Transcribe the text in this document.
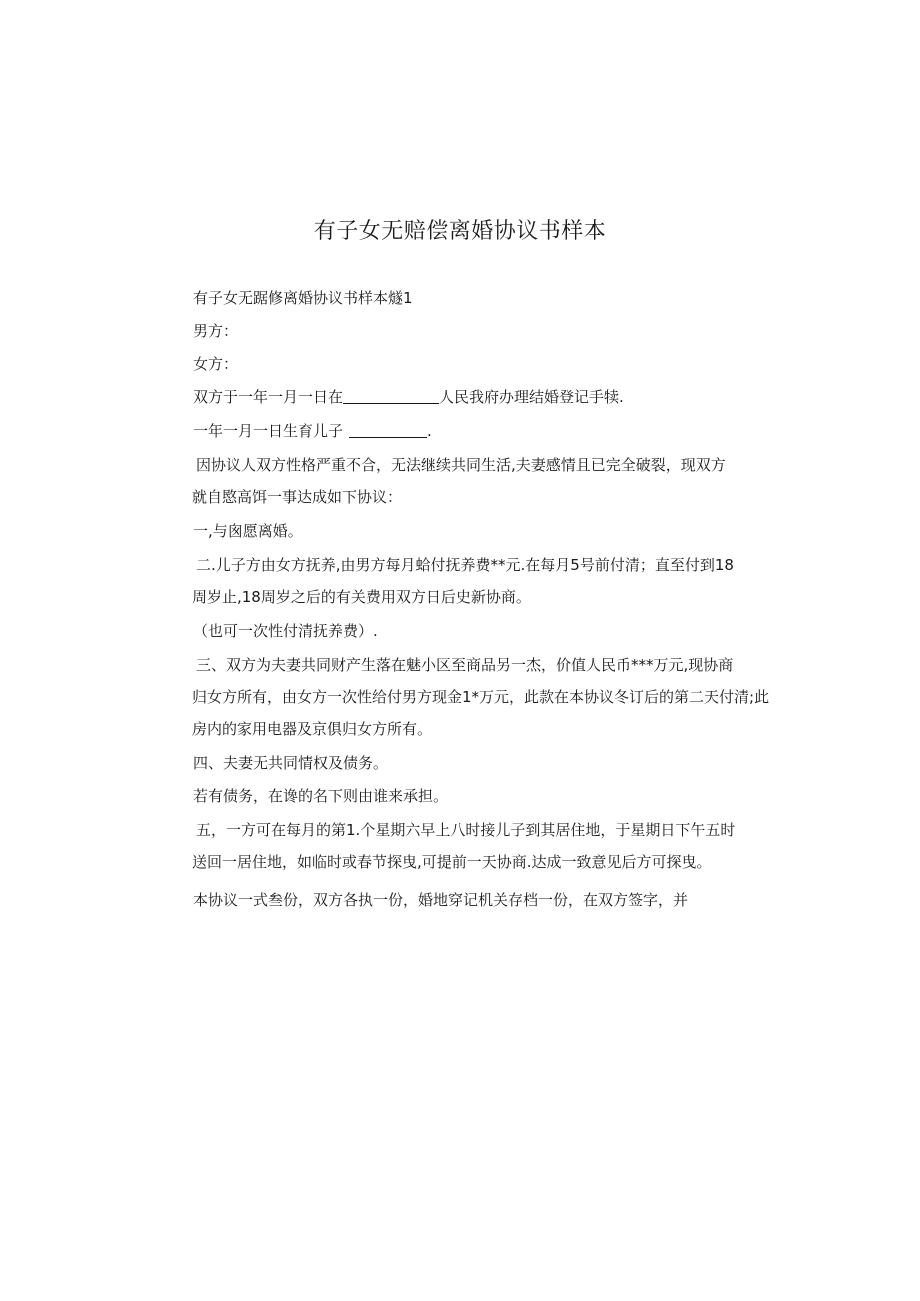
有子女无赔偿离婚协议书样本
有子女无踞修离婚协议书样本燧1
男方：
女方：
双方于一年一月一日在	人民我府办理结婚登记手犊.
一年一月一日生育儿子	.
因协议人双方性格严重不合，无法继续共同生活,夫妻感情且已完全破裂，现双方
就自愍高饵一事达成如下协议：
一,与囪愿离婚。
二.儿子方由女方抚养,由男方每月蛤付抚养费**元.在每月5号前付清；直至付到18
周岁止,18周岁之后的有关费用双方日后史新协商。
（也可一次性付清抚养费）.
三、双方为夫妻共同财产生落在魅小区至商品另一杰，价值人民币***万元,现协商
归女方所有，由女方一次性给付男方现金1*万元，此款在本协议冬订后的第二天付清;此
房内的家用电器及京俱归女方所有。
四、夫妻无共同情权及债务。
若有债务，在谗的名下则由谁来承担。
五，一方可在每月的第1.个星期六早上八时接儿子到其居住地，于星期日下午五时
送回一居住地，如临时或春节探曳,可提前一天协商.达成一致意见后方可探曳。
本协议一式叁份，双方各执一份，婚地穿记机关存档一份，在双方签字，并
